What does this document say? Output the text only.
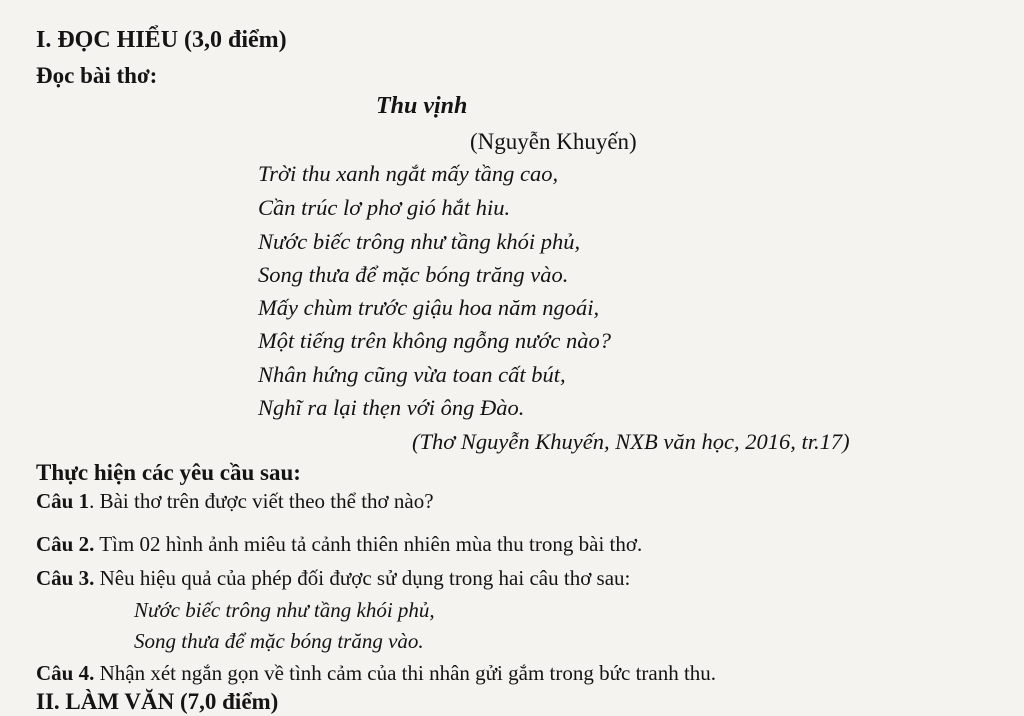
I. ĐỌC HIỂU (3,0 điểm)
Đọc bài thơ:
Thu vịnh
(Nguyễn Khuyến)
Trời thu xanh ngắt mấy tầng cao,
Cần trúc lơ phơ gió hắt hiu.
Nước biếc trông như tầng khói phủ,
Song thưa để mặc bóng trăng vào.
Mấy chùm trước giậu hoa năm ngoái,
Một tiếng trên không ngỗng nước nào?
Nhân hứng cũng vừa toan cất bút,
Nghĩ ra lại thẹn với ông Đào.
(Thơ Nguyễn Khuyến, NXB văn học, 2016, tr.17)
Thực hiện các yêu cầu sau:
Câu 1. Bài thơ trên được viết theo thể thơ nào?
Câu 2. Tìm 02 hình ảnh miêu tả cảnh thiên nhiên mùa thu trong bài thơ.
Câu 3. Nêu hiệu quả của phép đối được sử dụng trong hai câu thơ sau:
Nước biếc trông như tầng khói phủ,
Song thưa để mặc bóng trăng vào.
Câu 4. Nhận xét ngắn gọn về tình cảm của thi nhân gửi gắm trong bức tranh thu.
II. LÀM VĂN (7,0 điểm)
